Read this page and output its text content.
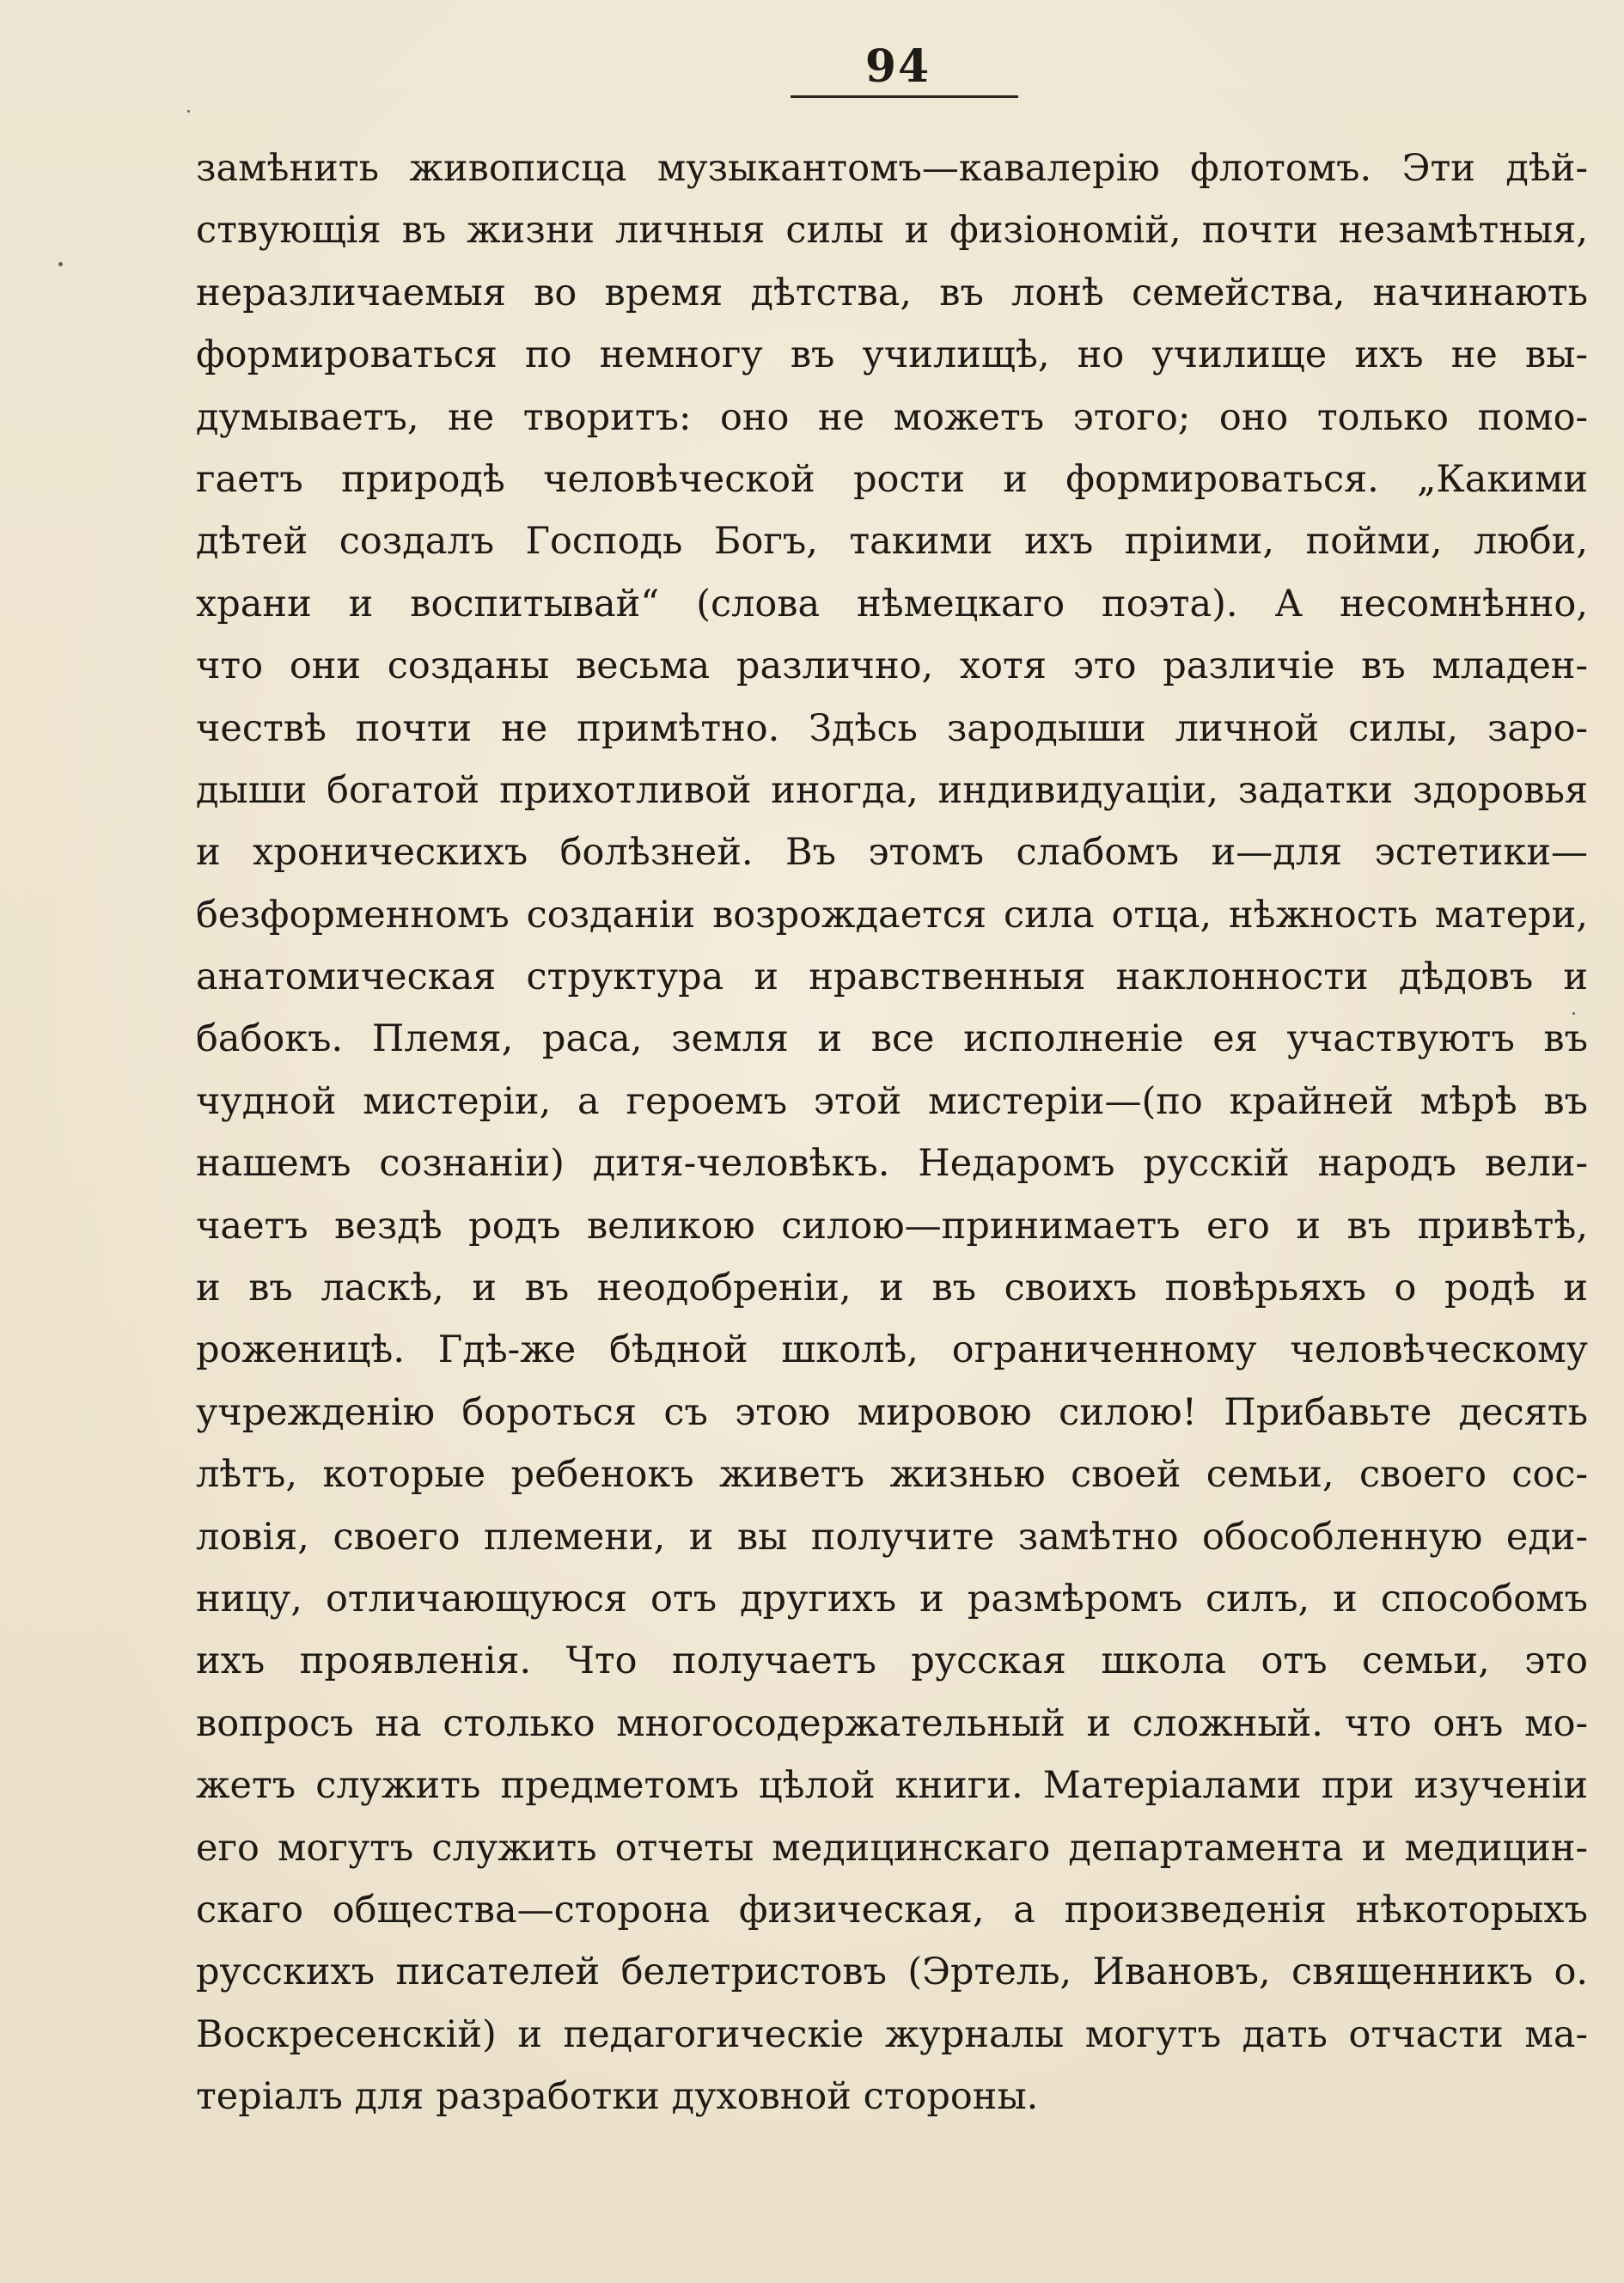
94
замѣнить живописца музыкантомъ—кавалерію флотомъ. Эти дѣй-
ствующія въ жизни личныя силы и физіономій, почти незамѣтныя,
неразличаемыя во время дѣтства, въ лонѣ семейства, начинають
формироваться по немногу въ училищѣ, но училище ихъ не вы-
думываетъ, не творитъ: оно не можетъ этого; оно только помо-
гаетъ природѣ человѣческой рости и формироваться. „Какими
дѣтей создалъ Господь Богъ, такими ихъ пріими, пойми, люби,
храни и воспитывай“ (слова нѣмецкаго поэта). А несомнѣнно,
что они созданы весьма различно, хотя это различіе въ младен-
чествѣ почти не примѣтно. Здѣсь зародыши личной силы, заро-
дыши богатой прихотливой иногда, индивидуаціи, задатки здоровья
и хроническихъ болѣзней. Въ этомъ слабомъ и—для эстетики—
безформенномъ созданіи возрождается сила отца, нѣжность матери,
анатомическая структура и нравственныя наклонности дѣдовъ и
бабокъ. Племя, раса, земля и все исполненіе ея участвуютъ въ
чудной мистеріи, а героемъ этой мистеріи—(по крайней мѣрѣ въ
нашемъ сознаніи) дитя-человѣкъ. Недаромъ русскій народъ вели-
чаетъ вездѣ родъ великою силою—принимаетъ его и въ привѣтѣ,
и въ ласкѣ, и въ неодобреніи, и въ своихъ повѣрьяхъ о родѣ и
роженицѣ. Гдѣ-же бѣдной школѣ, ограниченному человѣческому
учрежденію бороться съ этою мировою силою! Прибавьте десять
лѣтъ, которые ребенокъ живетъ жизнью своей семьи, своего сос-
ловія, своего племени, и вы получите замѣтно обособленную еди-
ницу, отличающуюся отъ другихъ и размѣромъ силъ, и способомъ
ихъ проявленія. Что получаетъ русская школа отъ семьи, это
вопросъ на столько многосодержательный и сложный. что онъ мо-
жетъ служить предметомъ цѣлой книги. Матеріалами при изученіи
его могутъ служить отчеты медицинскаго департамента и медицин-
скаго общества—сторона физическая, а произведенія нѣкоторыхъ
русскихъ писателей белетристовъ (Эртель, Ивановъ, священникъ о.
Воскресенскій) и педагогическіе журналы могутъ дать отчасти ма-
теріалъ для разработки духовной стороны.
